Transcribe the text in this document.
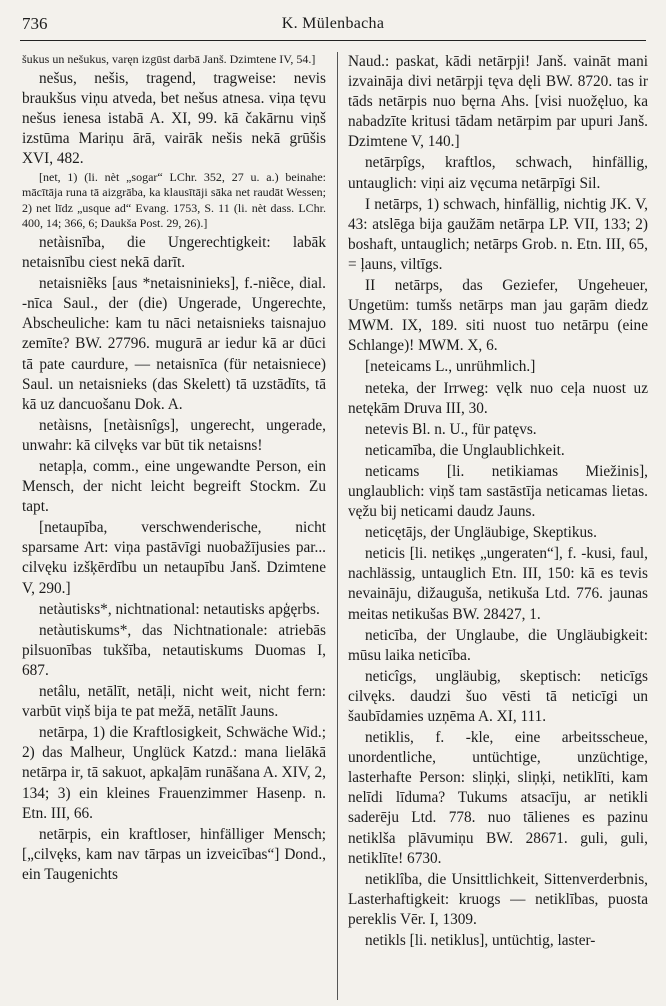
736	K. Mülenbacha

šukus un nešukus, varęn izgūst darbā Janš. Dzimtene IV, 54.]

nešus, nešis, tragend, tragweise: nevis braukšus viņu atveda, bet nešus atnesa. viņa tęvu nešus ienesa istabā A. XI, 99. kā čakārnu viņš izstūma Mariņu ārā, vairāk nešis nekā grūšis XVI, 482.

[net, 1) (li. nèt „sogar“ LChr. 352, 27 u. a.) beinahe: mācītāja runa tā aizgrāba, ka klausītāji sāka net raudāt Wessen; 2) net līdz „usque ad“ Evang. 1753, S. 11 (li. nèt dass. LChr. 400, 14; 366, 6; Daukša Post. 29, 26).]

netàisnība, die Ungerechtigkeit: labāk netaisnību ciest nekā darīt.

netaisniẽks [aus *netaisninieks], f.-niẽce, dial. -nīca Saul., der (die) Ungerade, Ungerechte, Abscheuliche: kam tu nāci netaisnieks taisnajuo zemīte? BW. 27796. mugurā ar iedur kā ar dūci tā pate caurdure, — netaisnīca (für netaisniece) Saul. un netaisnieks (das Skelett) tā uzstādīts, tā kā uz dancuošanu Dok. A.

netàisns, [netàisnîgs], ungerecht, ungerade, unwahr: kā cilvęks var būt tik netaisns!

netapļa, comm., eine ungewandte Person, ein Mensch, der nicht leicht begreift Stockm. Zu tapt.

[netaupība, verschwenderische, nicht sparsame Art: viņa pastāvīgi nuobažījusies par... cilvęku izšķērdību un netaupību Janš. Dzimtene V, 290.]

netàutisks*, nichtnational: netautisks apģęrbs.

netàutiskums*, das Nichtnationale: atriebās pilsuonības tukšība, netautiskums Duomas I, 687.

netâlu, netālīt, netāļi, nicht weit, nicht fern: varbūt viņš bija te pat mežā, netālīt Jauns.

netārpa, 1) die Kraftlosigkeit, Schwäche Wid.; 2) das Malheur, Unglück Katzd.: mana lielākā netārpa ir, tā sakuot, apkaļām runāšana A. XIV, 2, 134; 3) ein kleines Frauenzimmer Hasenp. n. Etn. III, 66.

netārpis, ein kraftloser, hinfälliger Mensch; [„cilvęks, kam nav tārpas un izveicības“] Dond., ein Taugenichts

Naud.: paskat, kādi netārpji! Janš. vaināt mani izvaināja divi netārpji tęva dęli BW. 8720. tas ir tāds netārpis nuo bęrna Ahs. [visi nuožęluo, ka nabadzīte kritusi tādam netārpim par upuri Janš. Dzimtene V, 140.]

netārpîgs, kraftlos, schwach, hinfällig, untauglich: viņi aiz vęcuma netārpīgi Sil.

I netārps, 1) schwach, hinfällig, nichtig JK. V, 43: atslēga bija gaužām netārpa LP. VII, 133; 2) boshaft, untauglich; netārps Grob. n. Etn. III, 65, = ļauns, viltīgs.

II netārps, das Geziefer, Ungeheuer, Ungetüm: tumšs netārps man jau gaŗām diedz MWM. IX, 189. siti nuost tuo netārpu (eine Schlange)! MWM. X, 6.

[neteicams L., unrühmlich.]

neteka, der Irrweg: vęlk nuo ceļa nuost uz netękām Druva III, 30.

netevis Bl. n. U., für patęvs.

neticamība, die Unglaublichkeit.

neticams [li. netikiamas Miežinis], unglaublich: viņš tam sastāstīja neticamas lietas. vęžu bij neticami daudz Jauns.

neticętājs, der Ungläubige, Skeptikus.

neticis [li. netikęs „ungeraten“], f. -kusi, faul, nachlässig, untauglich Etn. III, 150: kā es tevis nevaināju, dižauguša, netikuša Ltd. 776. jaunas meitas netikušas BW. 28427, 1.

neticība, der Unglaube, die Ungläubigkeit: mūsu laika neticība.

neticîgs, ungläubig, skeptisch: neticīgs cilvęks. daudzi šuo vēsti tā neticīgi un šaubīdamies uzņēma A. XI, 111.

netiklis, f. -kle, eine arbeitsscheue, unordentliche, untüchtige, unzüchtige, lasterhafte Person: sliņķi, sliņķi, netiklīti, kam nelīdi līduma? Tukums atsacīju, ar netikli saderēju Ltd. 778. nuo tālienes es pazinu netiklša plāvumiņu BW. 28671. guli, guli, netiklīte! 6730.

netiklîba, die Unsittlichkeit, Sittenverderbnis, Lasterhaftigkeit: kruogs — netiklības, puosta pereklis Vēr. I, 1309.

netikls [li. netiklus], untüchtig, laster-
